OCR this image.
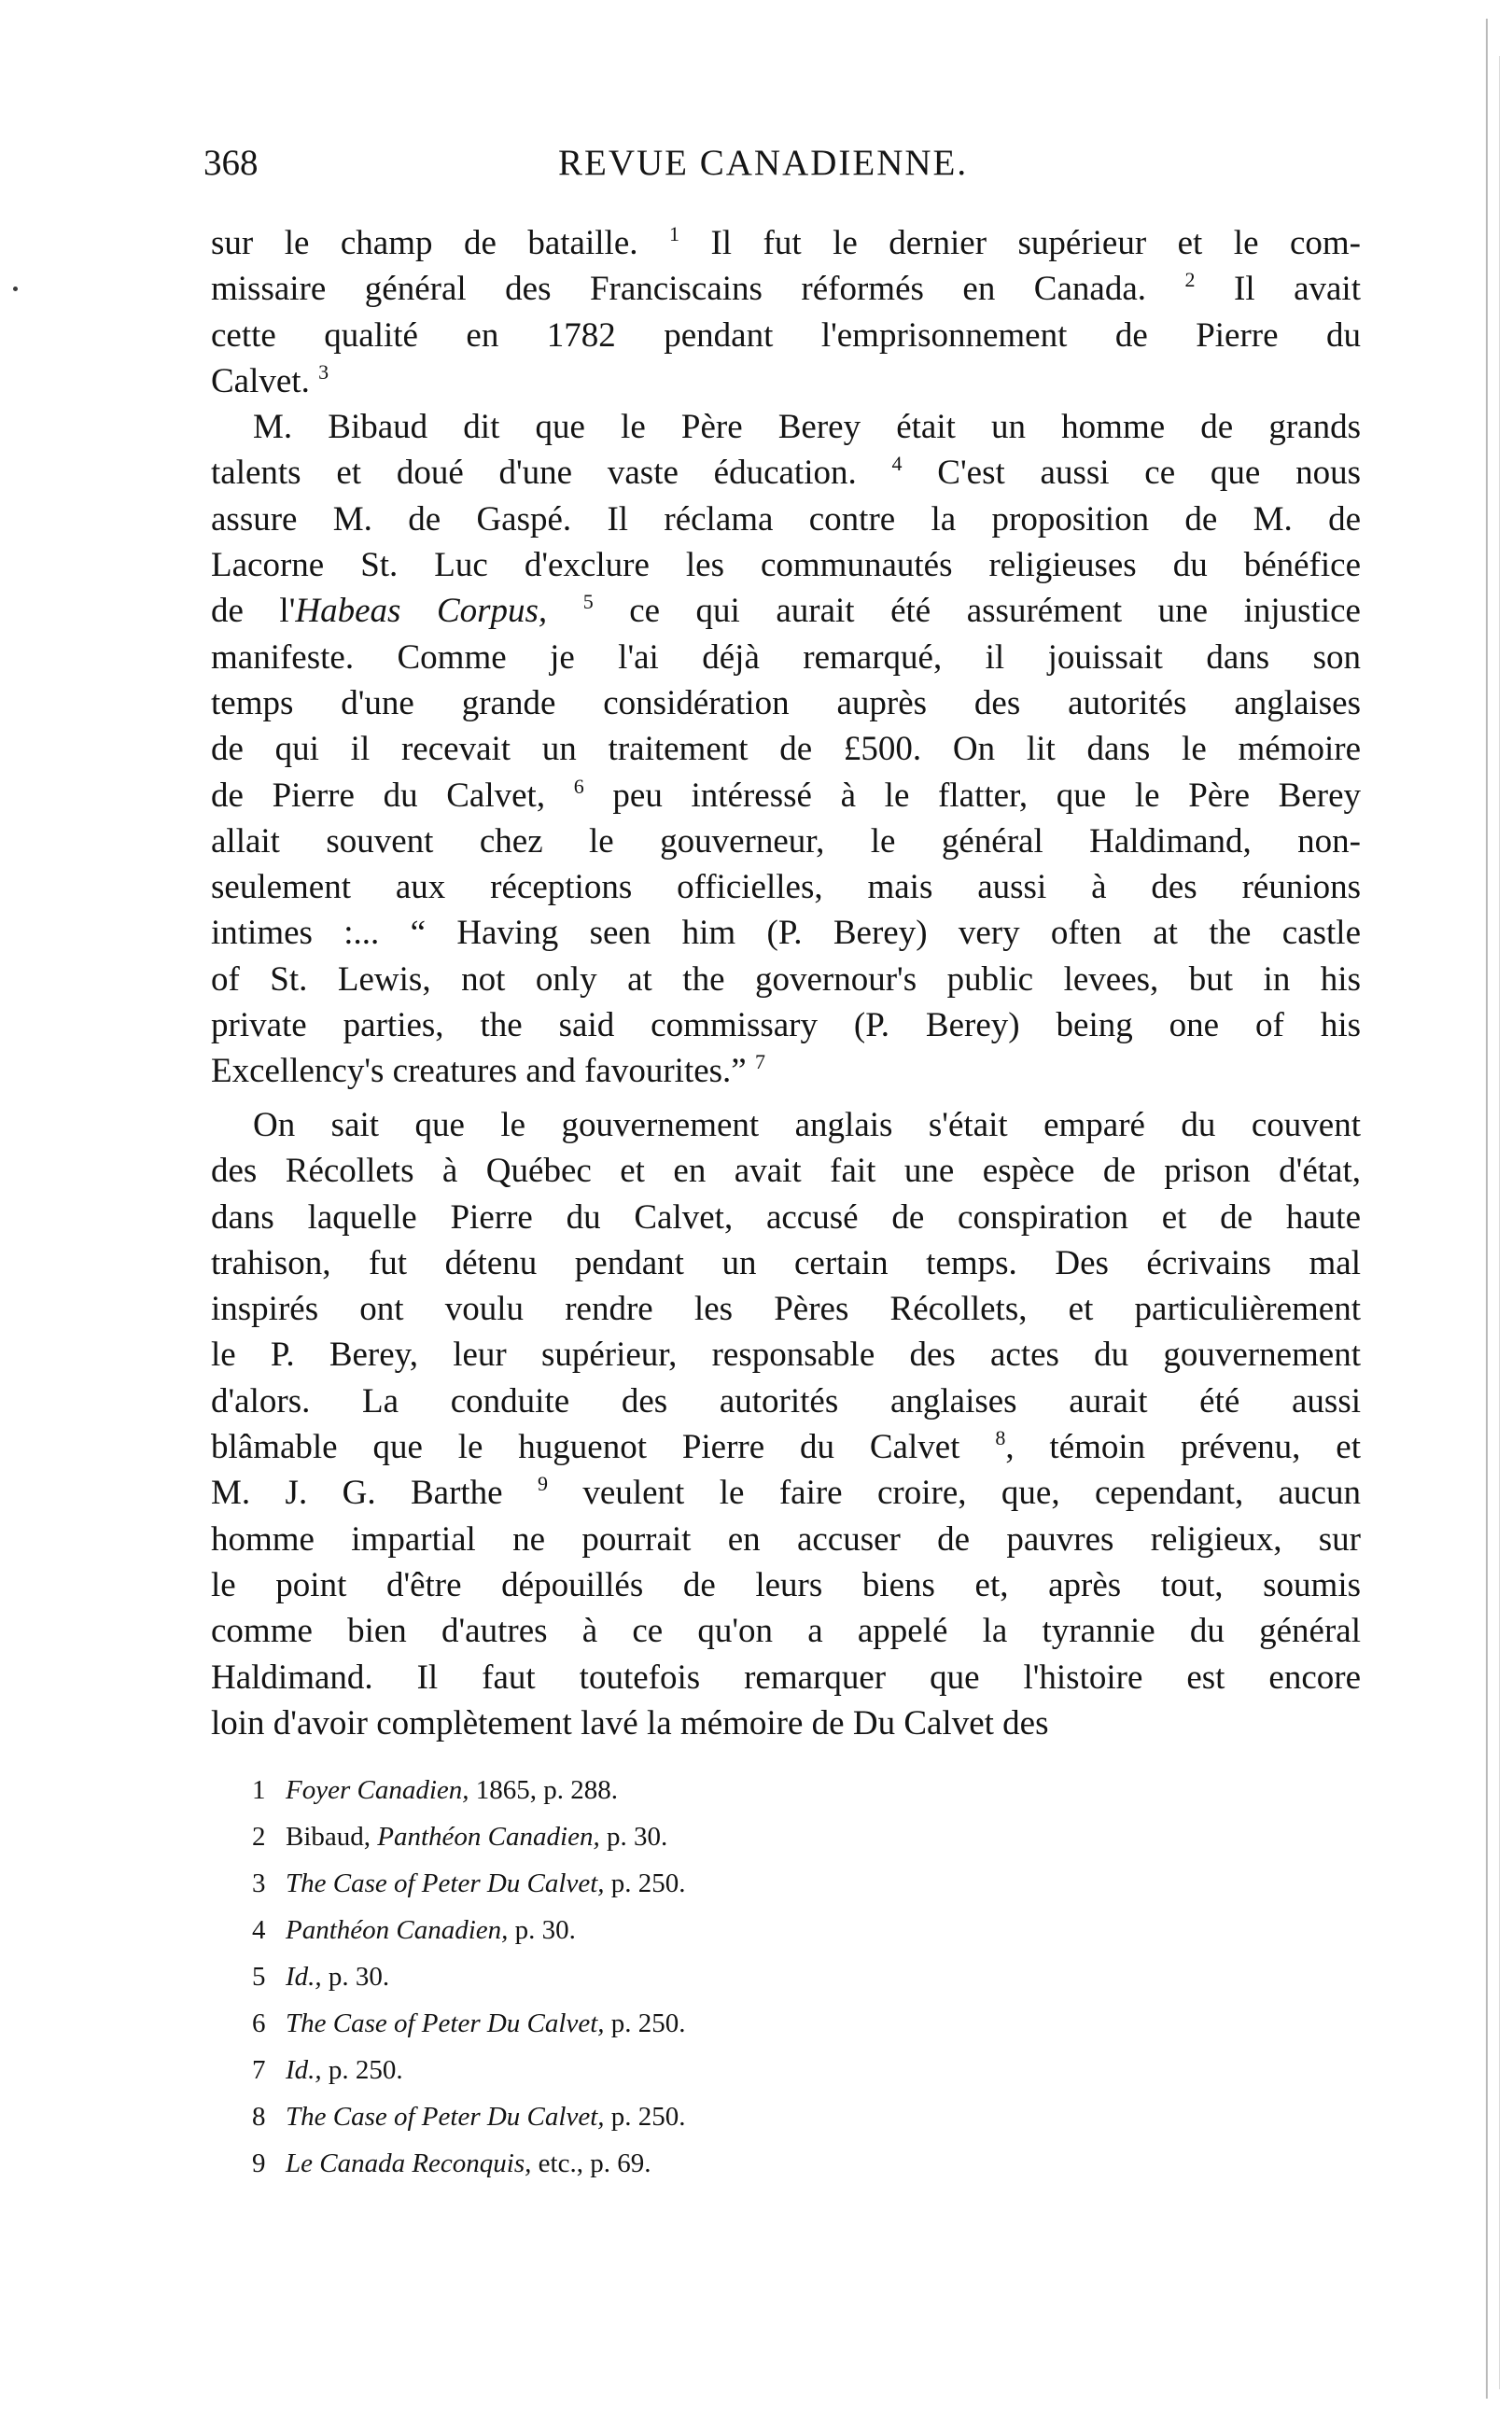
368	REVUE CANADIENNE.
sur le champ de bataille. $^1$ Il fut le dernier supérieur et le com-
missaire général des Franciscains réformés en Canada. $^2$ Il avait
cette qualité en 1782 pendant l'emprisonnement de Pierre du
Calvet. $^3$
M. Bibaud dit que le Père Berey était un homme de grands
talents et doué d'une vaste éducation. $^4$ C'est aussi ce que nous
assure M. de Gaspé. Il réclama contre la proposition de M. de
Lacorne St. Luc d'exclure les communautés religieuses du bénéfice
de l'Habeas Corpus, $^5$ ce qui aurait été assurément une injustice
manifeste. Comme je l'ai déjà remarqué, il jouissait dans son
temps d'une grande considération auprès des autorités anglaises
de qui il recevait un traitement de £500. On lit dans le mémoire
de Pierre du Calvet, $^6$ peu intéressé à le flatter, que le Père Berey
allait souvent chez le gouverneur, le général Haldimand, non-
seulement aux réceptions officielles, mais aussi à des réunions
intimes :... “ Having seen him (P. Berey) very often at the castle
of St. Lewis, not only at the governour's public levees, but in his
private parties, the said commissary (P. Berey) being one of his
Excellency's creatures and favourites.” $^7$
On sait que le gouvernement anglais s'était emparé du couvent
des Récollets à Québec et en avait fait une espèce de prison d'état,
dans laquelle Pierre du Calvet, accusé de conspiration et de haute
trahison, fut détenu pendant un certain temps. Des écrivains mal
inspirés ont voulu rendre les Pères Récollets, et particulièrement
le P. Berey, leur supérieur, responsable des actes du gouvernement
d'alors. La conduite des autorités anglaises aurait été aussi
blâmable que le huguenot Pierre du Calvet $^8$, témoin prévenu, et
M. J. G. Barthe $^9$ veulent le faire croire, que, cependant, aucun
homme impartial ne pourrait en accuser de pauvres religieux, sur
le point d'être dépouillés de leurs biens et, après tout, soumis
comme bien d'autres à ce qu'on a appelé la tyrannie du général
Haldimand. Il faut toutefois remarquer que l'histoire est encore
loin d'avoir complètement lavé la mémoire de Du Calvet des
1 Foyer Canadien, 1865, p. 288.
2 Bibaud, Panthéon Canadien, p. 30.
3 The Case of Peter Du Calvet, p. 250.
4 Panthéon Canadien, p. 30.
5 Id., p. 30.
6 The Case of Peter Du Calvet, p. 250.
7 Id., p. 250.
8 The Case of Peter Du Calvet, p. 250.
9 Le Canada Reconquis, etc., p. 69.
